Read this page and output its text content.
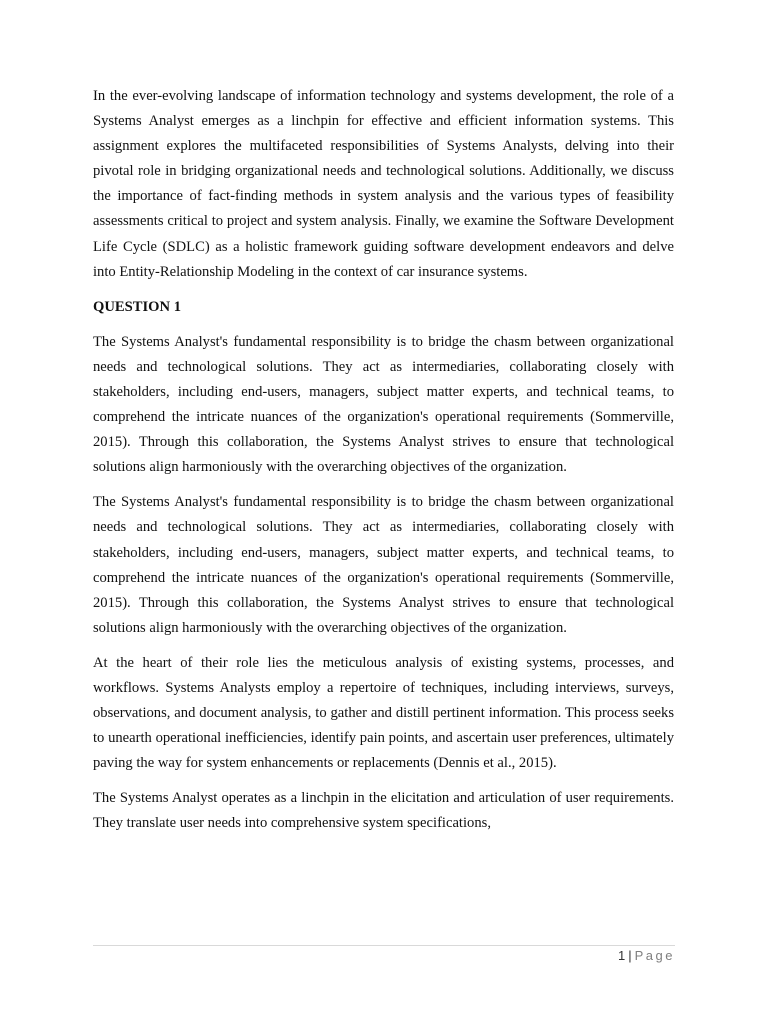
In the ever-evolving landscape of information technology and systems development, the role of a Systems Analyst emerges as a linchpin for effective and efficient information systems. This assignment explores the multifaceted responsibilities of Systems Analysts, delving into their pivotal role in bridging organizational needs and technological solutions. Additionally, we discuss the importance of fact-finding methods in system analysis and the various types of feasibility assessments critical to project and system analysis. Finally, we examine the Software Development Life Cycle (SDLC) as a holistic framework guiding software development endeavors and delve into Entity-Relationship Modeling in the context of car insurance systems.

QUESTION 1

The Systems Analyst's fundamental responsibility is to bridge the chasm between organizational needs and technological solutions. They act as intermediaries, collaborating closely with stakeholders, including end-users, managers, subject matter experts, and technical teams, to comprehend the intricate nuances of the organization's operational requirements (Sommerville, 2015). Through this collaboration, the Systems Analyst strives to ensure that technological solutions align harmoniously with the overarching objectives of the organization.

The Systems Analyst's fundamental responsibility is to bridge the chasm between organizational needs and technological solutions. They act as intermediaries, collaborating closely with stakeholders, including end-users, managers, subject matter experts, and technical teams, to comprehend the intricate nuances of the organization's operational requirements (Sommerville, 2015). Through this collaboration, the Systems Analyst strives to ensure that technological solutions align harmoniously with the overarching objectives of the organization.

At the heart of their role lies the meticulous analysis of existing systems, processes, and workflows. Systems Analysts employ a repertoire of techniques, including interviews, surveys, observations, and document analysis, to gather and distill pertinent information. This process seeks to unearth operational inefficiencies, identify pain points, and ascertain user preferences, ultimately paving the way for system enhancements or replacements (Dennis et al., 2015).

The Systems Analyst operates as a linchpin in the elicitation and articulation of user requirements. They translate user needs into comprehensive system specifications,

1 | Page
